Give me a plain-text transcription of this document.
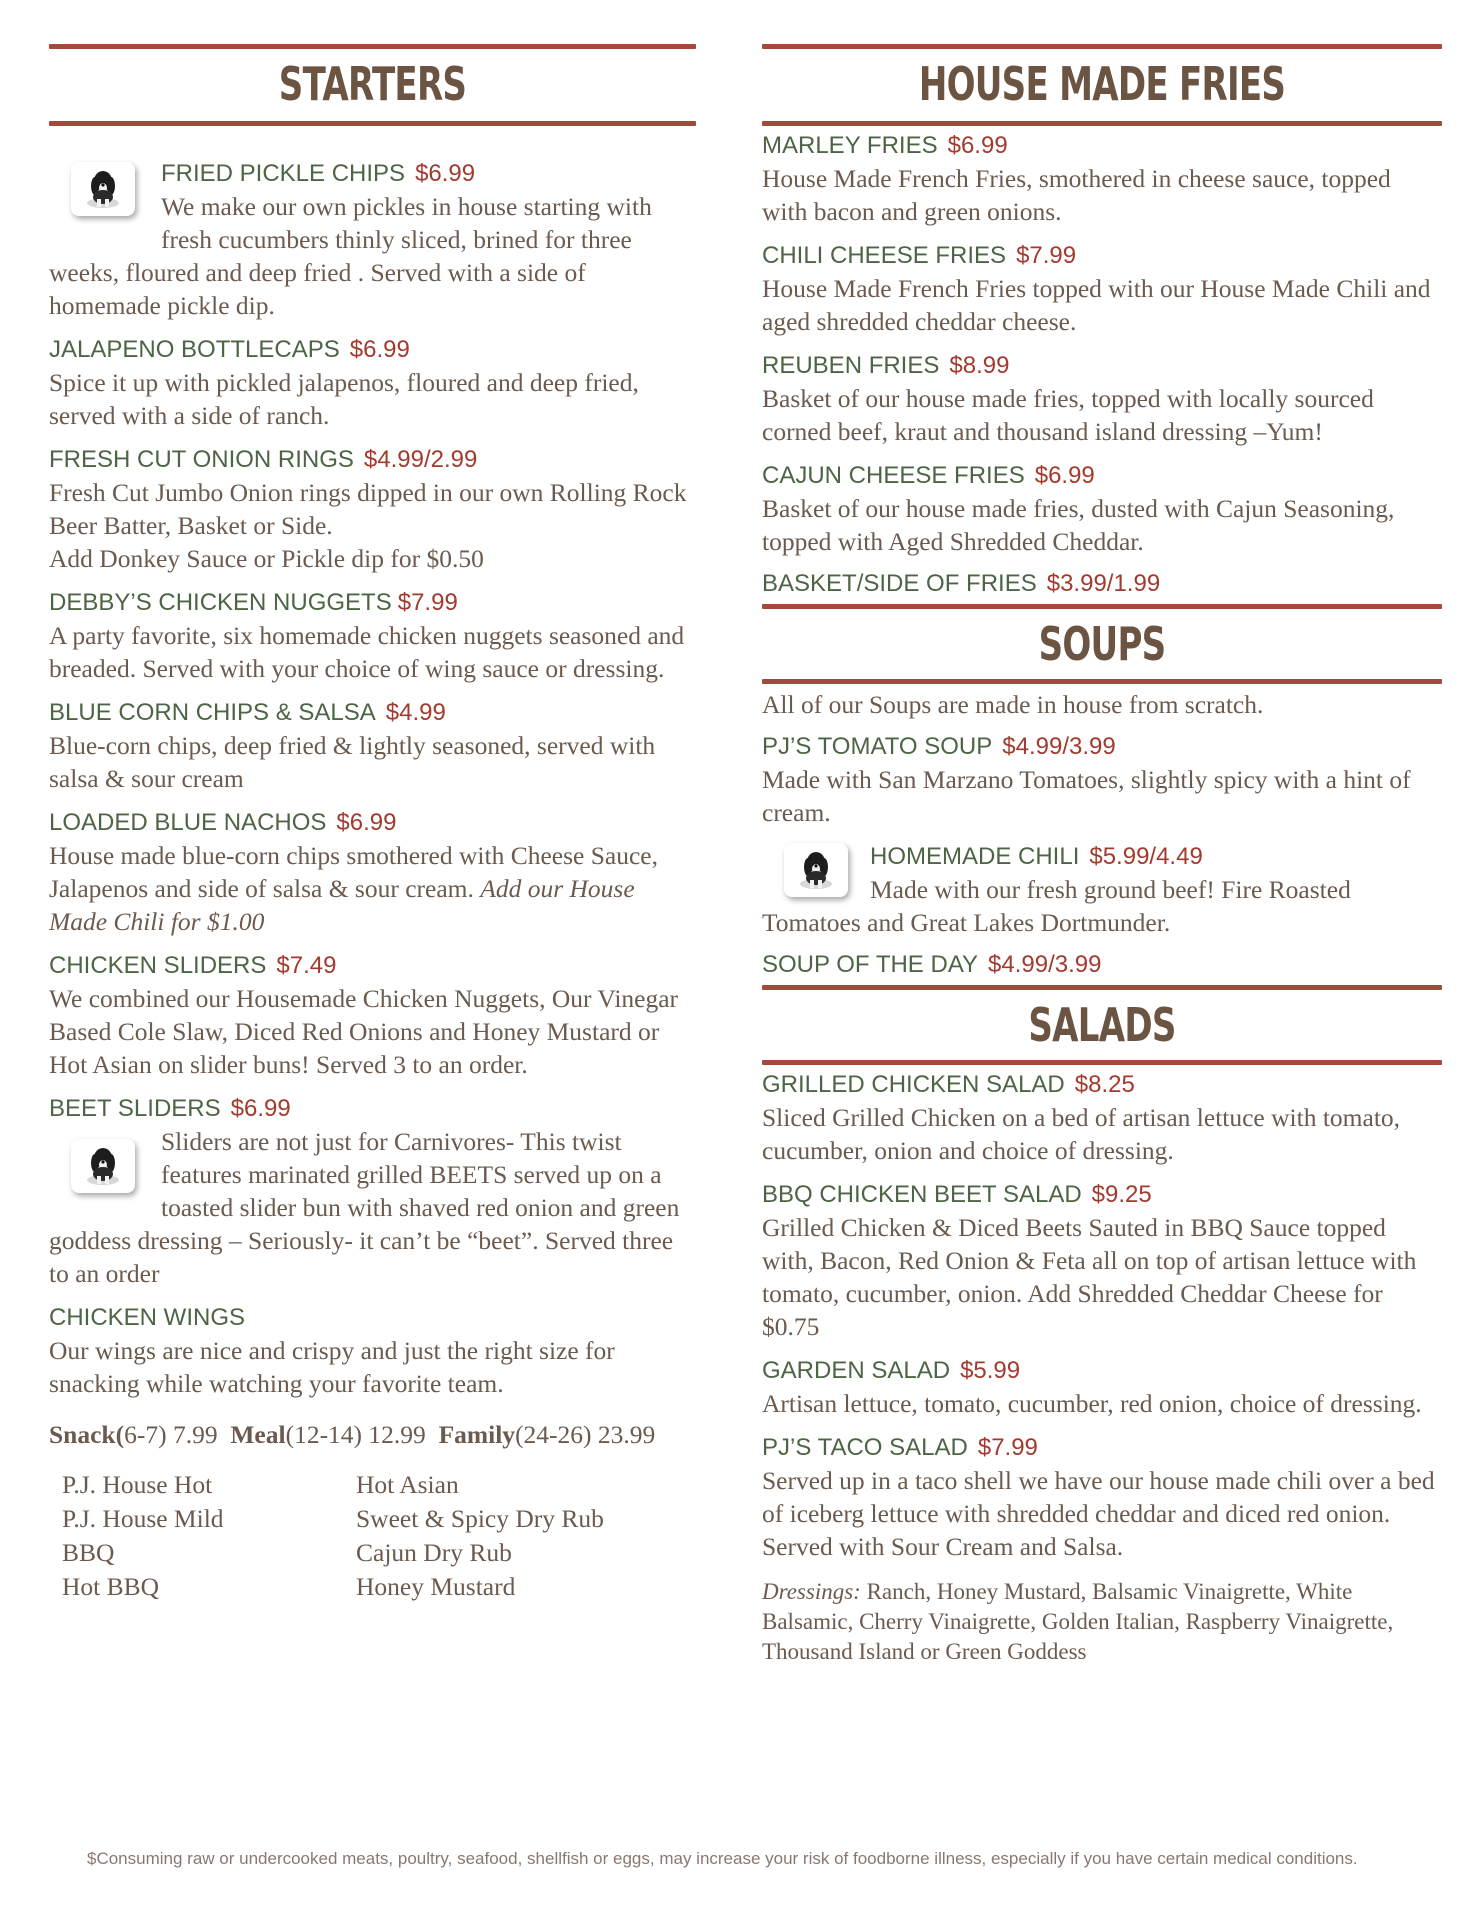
STARTERS
FRIED PICKLE CHIPS $6.99
We make our own pickles in house starting with fresh cucumbers thinly sliced, brined for three weeks, floured and deep fried . Served with a side of homemade pickle dip.
JALAPENO BOTTLECAPS $6.99
Spice it up with pickled jalapenos, floured and deep fried, served with a side of ranch.
FRESH CUT ONION RINGS $4.99/2.99
Fresh Cut Jumbo Onion rings dipped in our own Rolling Rock Beer Batter, Basket or Side.
Add Donkey Sauce or Pickle dip for $0.50
DEBBY’S CHICKEN NUGGETS $7.99
A party favorite, six homemade chicken nuggets seasoned and breaded. Served with your choice of wing sauce or dressing.
BLUE CORN CHIPS & SALSA $4.99
Blue-corn chips, deep fried & lightly seasoned, served with salsa & sour cream
LOADED BLUE NACHOS $6.99
House made blue-corn chips smothered with Cheese Sauce, Jalapenos and side of salsa & sour cream. Add our House Made Chili for $1.00
CHICKEN SLIDERS $7.49
We combined our Housemade Chicken Nuggets, Our Vinegar Based Cole Slaw, Diced Red Onions and Honey Mustard or Hot Asian on slider buns! Served 3 to an order.
BEET SLIDERS $6.99
Sliders are not just for Carnivores- This twist features marinated grilled BEETS served up on a toasted slider bun with shaved red onion and green goddess dressing – Seriously- it can’t be “beet”. Served three to an order
CHICKEN WINGS
Our wings are nice and crispy and just the right size for snacking while watching your favorite team.
Snack(6-7) 7.99 Meal(12-14) 12.99 Family(24-26) 23.99
P.J. House Hot	Hot Asian
P.J. House Mild	Sweet & Spicy Dry Rub
BBQ	Cajun Dry Rub
Hot BBQ	Honey Mustard
HOUSE MADE FRIES
MARLEY FRIES $6.99
House Made French Fries, smothered in cheese sauce, topped with bacon and green onions.
CHILI CHEESE FRIES $7.99
House Made French Fries topped with our House Made Chili and aged shredded cheddar cheese.
REUBEN FRIES $8.99
Basket of our house made fries, topped with locally sourced corned beef, kraut and thousand island dressing –Yum!
CAJUN CHEESE FRIES $6.99
Basket of our house made fries, dusted with Cajun Seasoning, topped with Aged Shredded Cheddar.
BASKET/SIDE OF FRIES $3.99/1.99
SOUPS
All of our Soups are made in house from scratch.
PJ’S TOMATO SOUP $4.99/3.99
Made with San Marzano Tomatoes, slightly spicy with a hint of cream.
HOMEMADE CHILI $5.99/4.49
Made with our fresh ground beef! Fire Roasted Tomatoes and Great Lakes Dortmunder.
SOUP OF THE DAY $4.99/3.99
SALADS
GRILLED CHICKEN SALAD $8.25
Sliced Grilled Chicken on a bed of artisan lettuce with tomato, cucumber, onion and choice of dressing.
BBQ CHICKEN BEET SALAD $9.25
Grilled Chicken & Diced Beets Sauted in BBQ Sauce topped with, Bacon, Red Onion & Feta all on top of artisan lettuce with tomato, cucumber, onion. Add Shredded Cheddar Cheese for $0.75
GARDEN SALAD $5.99
Artisan lettuce, tomato, cucumber, red onion, choice of dressing.
PJ’S TACO SALAD $7.99
Served up in a taco shell we have our house made chili over a bed of iceberg lettuce with shredded cheddar and diced red onion. Served with Sour Cream and Salsa.
Dressings: Ranch, Honey Mustard, Balsamic Vinaigrette, White Balsamic, Cherry Vinaigrette, Golden Italian, Raspberry Vinaigrette, Thousand Island or Green Goddess
$Consuming raw or undercooked meats, poultry, seafood, shellfish or eggs, may increase your risk of foodborne illness, especially if you have certain medical conditions.
